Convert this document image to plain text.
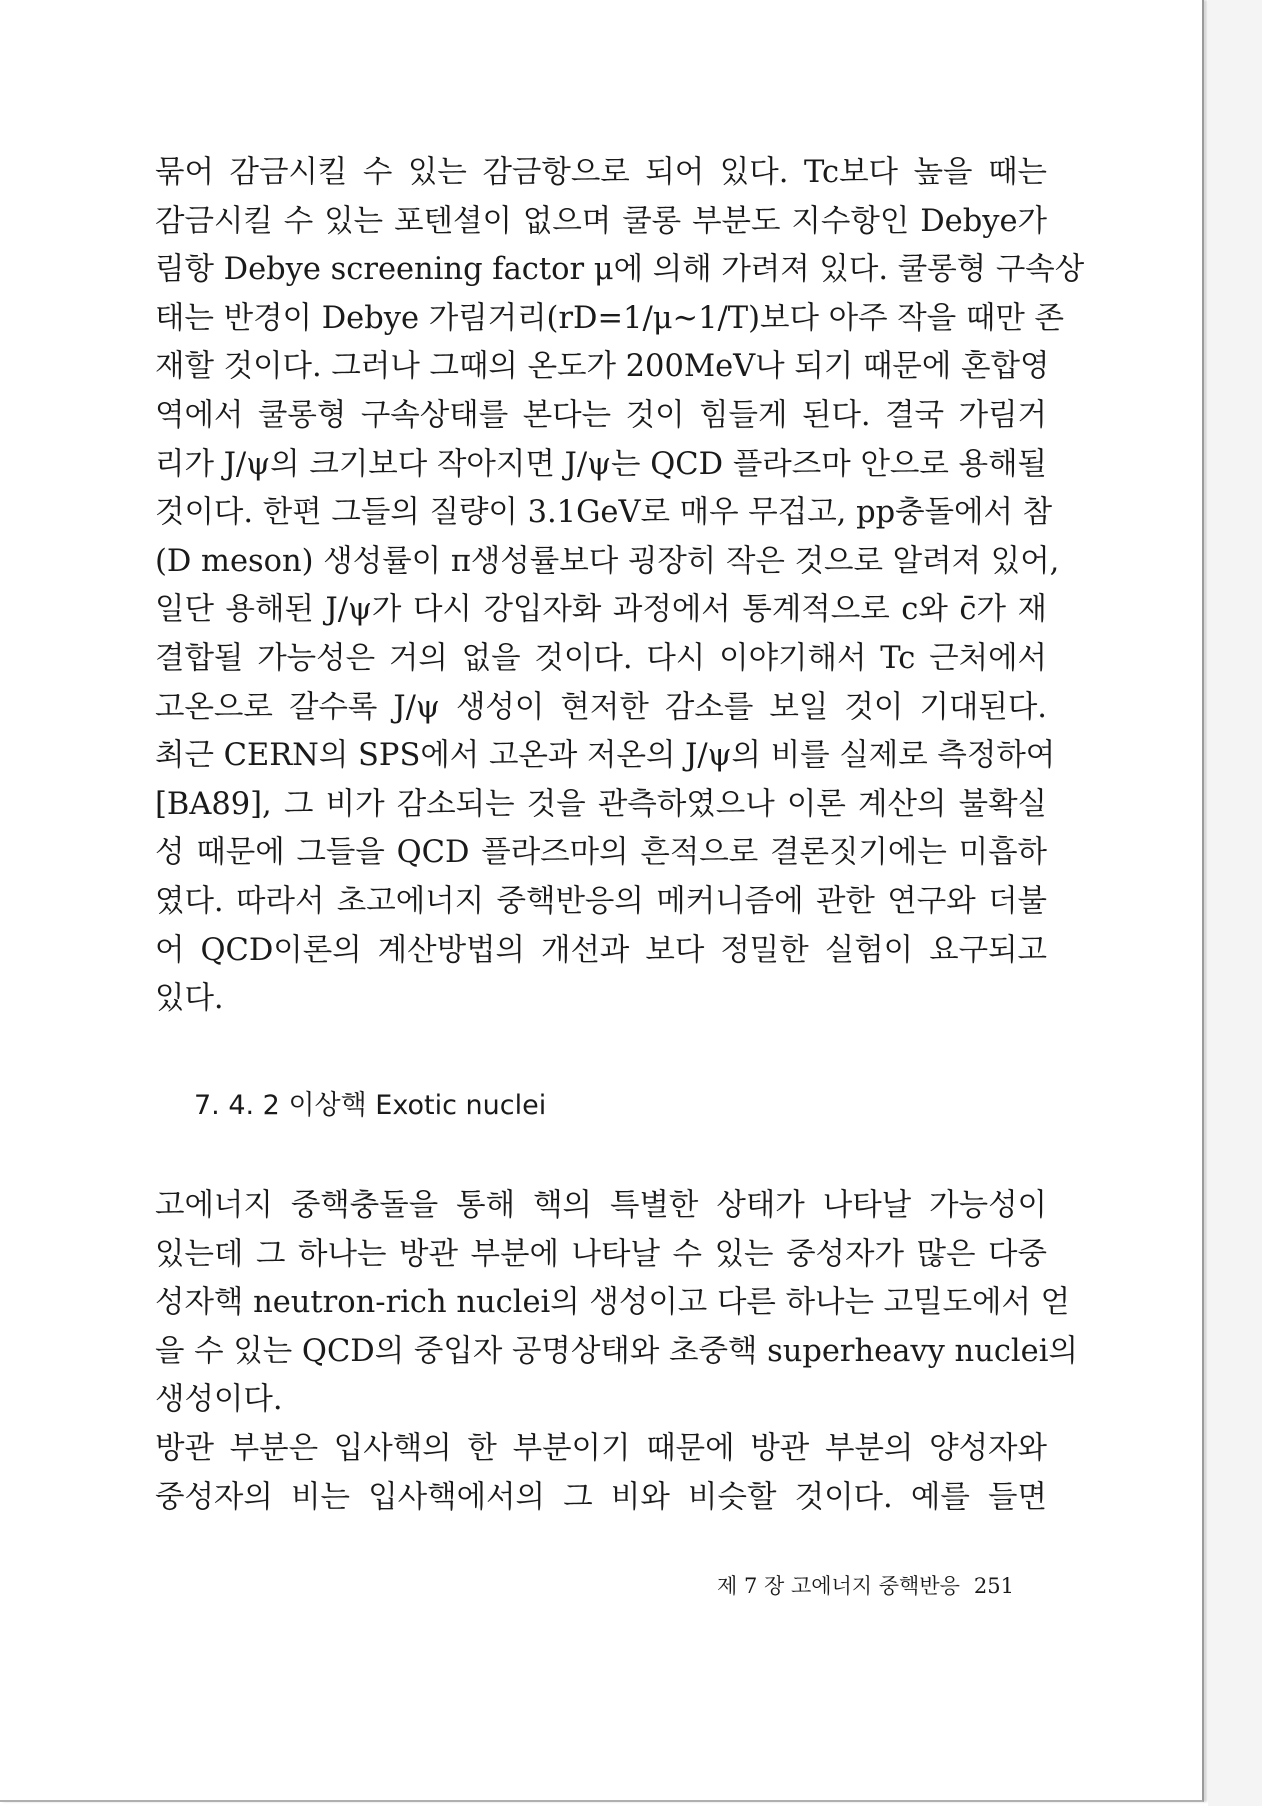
묶어 감금시킬 수 있는 감금항으로 되어 있다. Tc보다 높을 때는
감금시킬 수 있는 포텐셜이 없으며 쿨롱 부분도 지수항인 Debye가
림항 Debye screening factor μ에 의해 가려져 있다. 쿨롱형 구속상
태는 반경이 Debye 가림거리(rD=1/μ~1/T)보다 아주 작을 때만 존
재할 것이다. 그러나 그때의 온도가 200MeV나 되기 때문에 혼합영
역에서 쿨롱형 구속상태를 본다는 것이 힘들게 된다. 결국 가림거
리가 J/ψ의 크기보다 작아지면 J/ψ는 QCD 플라즈마 안으로 용해될
것이다. 한편 그들의 질량이 3.1GeV로 매우 무겁고, pp충돌에서 참
(D meson) 생성률이 π생성률보다 굉장히 작은 것으로 알려져 있어,
일단 용해된 J/ψ가 다시 강입자화 과정에서 통계적으로 c와 c̄가 재
결합될 가능성은 거의 없을 것이다. 다시 이야기해서 Tc 근처에서
고온으로 갈수록 J/ψ 생성이 현저한 감소를 보일 것이 기대된다.
최근 CERN의 SPS에서 고온과 저온의 J/ψ의 비를 실제로 측정하여
[BA89], 그 비가 감소되는 것을 관측하였으나 이론 계산의 불확실
성 때문에 그들을 QCD 플라즈마의 흔적으로 결론짓기에는 미흡하
였다. 따라서 초고에너지 중핵반응의 메커니즘에 관한 연구와 더불
어 QCD이론의 계산방법의 개선과 보다 정밀한 실험이 요구되고
있다.
7. 4. 2 이상핵 Exotic nuclei
고에너지 중핵충돌을 통해 핵의 특별한 상태가 나타날 가능성이
있는데 그 하나는 방관 부분에 나타날 수 있는 중성자가 많은 다중
성자핵 neutron-rich nuclei의 생성이고 다른 하나는 고밀도에서 얻
을 수 있는 QCD의 중입자 공명상태와 초중핵 superheavy nuclei의
생성이다.
방관 부분은 입사핵의 한 부분이기 때문에 방관 부분의 양성자와
중성자의 비는 입사핵에서의 그 비와 비슷할 것이다. 예를 들면
제 7 장 고에너지 중핵반응 251
